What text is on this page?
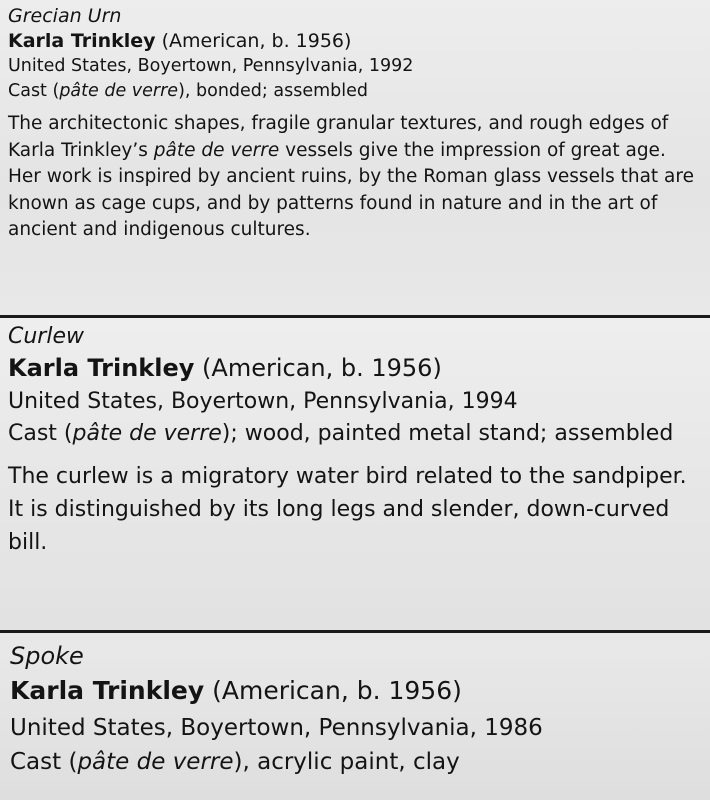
Grecian Urn

Karla Trinkley (American, b. 1956)

United States, Boyertown, Pennsylvania, 1992

Cast (pâte de verre), bonded; assembled

The architectonic shapes, fragile granular textures, and rough edges of Karla Trinkley’s pâte de verre vessels give the impression of great age. Her work is inspired by ancient ruins, by the Roman glass vessels that are known as cage cups, and by patterns found in nature and in the art of ancient and indigenous cultures.

Curlew

Karla Trinkley (American, b. 1956)

United States, Boyertown, Pennsylvania, 1994

Cast (pâte de verre); wood, painted metal stand; assembled

The curlew is a migratory water bird related to the sandpiper. It is distinguished by its long legs and slender, down-curved bill.

Spoke

Karla Trinkley (American, b. 1956)

United States, Boyertown, Pennsylvania, 1986

Cast (pâte de verre), acrylic paint, clay
